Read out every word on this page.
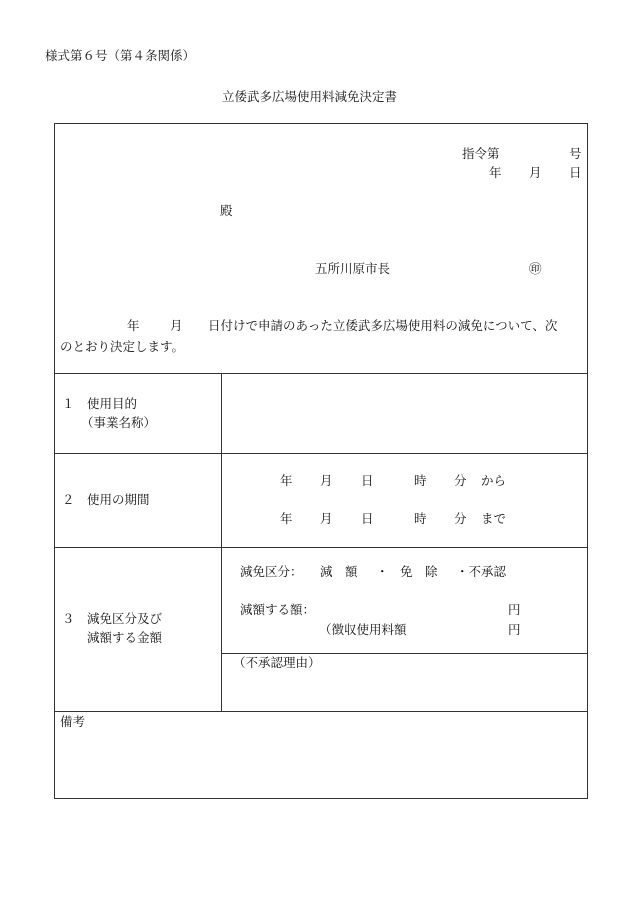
様式第６号（第４条関係）
立倭武多広場使用料減免決定書
指令第	号
年 月 日
殿
五所川原市長	㊞
年 月 日付けで申請のあった立倭武多広場使用料の減免について、次
のとおり決定します。
１　使用目的
（事業名称）
２　使用の期間
年 月 日	時 分 から
年 月 日	時 分 まで
３　減免区分及び
減額する金額
減免区分： 減　額 ・ 免　除 ・不承認
減額する額：	円
（徴収使用料額	円
（不承認理由）
備考
